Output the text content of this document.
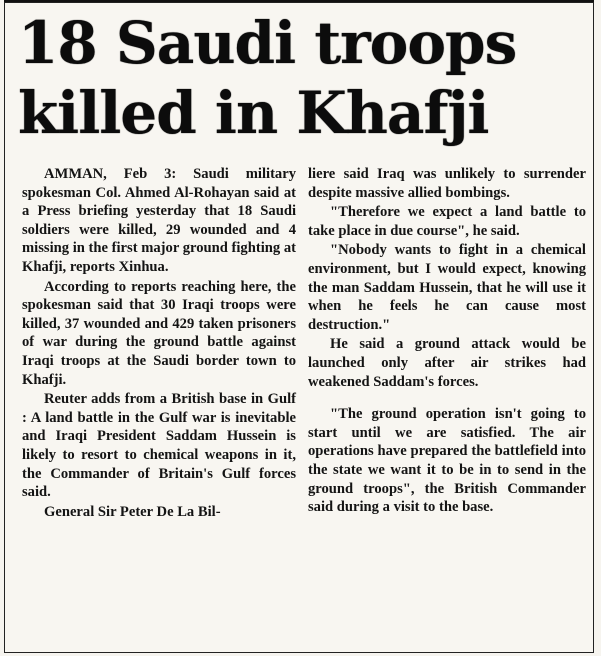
18 Saudi troops
killed in Khafji

AMMAN, Feb 3: Saudi military spokesman Col. Ahmed Al-Rohayan said at a Press briefing yesterday that 18 Saudi soldiers were killed, 29 wounded and 4 missing in the first major ground fighting at Khafji, reports Xinhua.

According to reports reaching here, the spokesman said that 30 Iraqi troops were killed, 37 wounded and 429 taken prisoners of war during the ground battle against Iraqi troops at the Saudi border town to Khafji.

Reuter adds from a British base in Gulf : A land battle in the Gulf war is inevitable and Iraqi President Saddam Hussein is likely to resort to chemical weapons in it, the Commander of Britain's Gulf forces said.

General Sir Peter De La Bil-

liere said Iraq was unlikely to surrender despite massive allied bombings.

"Therefore we expect a land battle to take place in due course", he said.

"Nobody wants to fight in a chemical environment, but I would expect, knowing the man Saddam Hussein, that he will use it when he feels he can cause most destruction."

He said a ground attack would be launched only after air strikes had weakened Saddam's forces.

"The ground operation isn't going to start until we are satisfied. The air operations have prepared the battlefield into the state we want it to be in to send in the ground troops", the British Commander said during a visit to the base.
